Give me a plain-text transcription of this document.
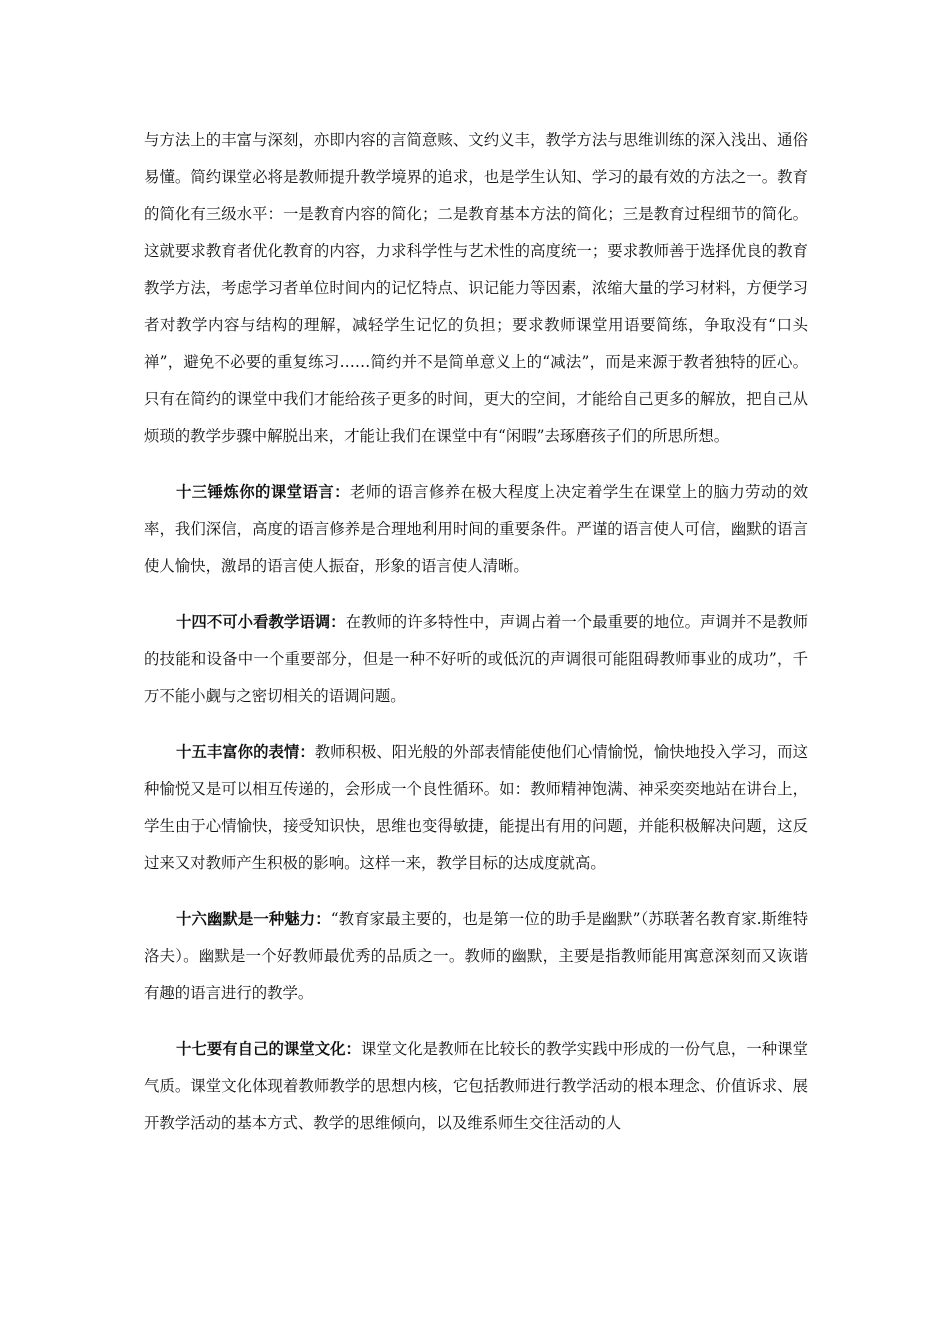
与方法上的丰富与深刻，亦即内容的言简意赅、文约义丰，教学方法与思维训练的深入浅出、通俗易懂。简约课堂必将是教师提升教学境界的追求，也是学生认知、学习的最有效的方法之一。教育的简化有三级水平：一是教育内容的简化；二是教育基本方法的简化；三是教育过程细节的简化。这就要求教育者优化教育的内容，力求科学性与艺术性的高度统一；要求教师善于选择优良的教育教学方法，考虑学习者单位时间内的记忆特点、识记能力等因素，浓缩大量的学习材料，方便学习者对教学内容与结构的理解，减轻学生记忆的负担；要求教师课堂用语要简练，争取没有“口头禅”，避免不必要的重复练习……简约并不是简单意义上的“减法”，而是来源于教者独特的匠心。只有在简约的课堂中我们才能给孩子更多的时间，更大的空间，才能给自己更多的解放，把自己从烦琐的教学步骤中解脱出来，才能让我们在课堂中有“闲暇”去琢磨孩子们的所思所想。

十三锤炼你的课堂语言：老师的语言修养在极大程度上决定着学生在课堂上的脑力劳动的效率，我们深信，高度的语言修养是合理地利用时间的重要条件。严谨的语言使人可信，幽默的语言使人愉快，激昂的语言使人振奋，形象的语言使人清晰。

十四不可小看教学语调：在教师的许多特性中，声调占着一个最重要的地位。声调并不是教师的技能和设备中一个重要部分，但是一种不好听的或低沉的声调很可能阻碍教师事业的成功”，千万不能小觑与之密切相关的语调问题。

十五丰富你的表情：教师积极、阳光般的外部表情能使他们心情愉悦，愉快地投入学习，而这种愉悦又是可以相互传递的，会形成一个良性循环。如：教师精神饱满、神采奕奕地站在讲台上，学生由于心情愉快，接受知识快，思维也变得敏捷，能提出有用的问题，并能积极解决问题，这反过来又对教师产生积极的影响。这样一来，教学目标的达成度就高。

十六幽默是一种魅力：“教育家最主要的，也是第一位的助手是幽默”（苏联著名教育家.斯维特洛夫）。幽默是一个好教师最优秀的品质之一。教师的幽默，主要是指教师能用寓意深刻而又诙谐有趣的语言进行的教学。

十七要有自己的课堂文化：课堂文化是教师在比较长的教学实践中形成的一份气息，一种课堂气质。课堂文化体现着教师教学的思想内核，它包括教师进行教学活动的根本理念、价值诉求、展开教学活动的基本方式、教学的思维倾向，以及维系师生交往活动的人
